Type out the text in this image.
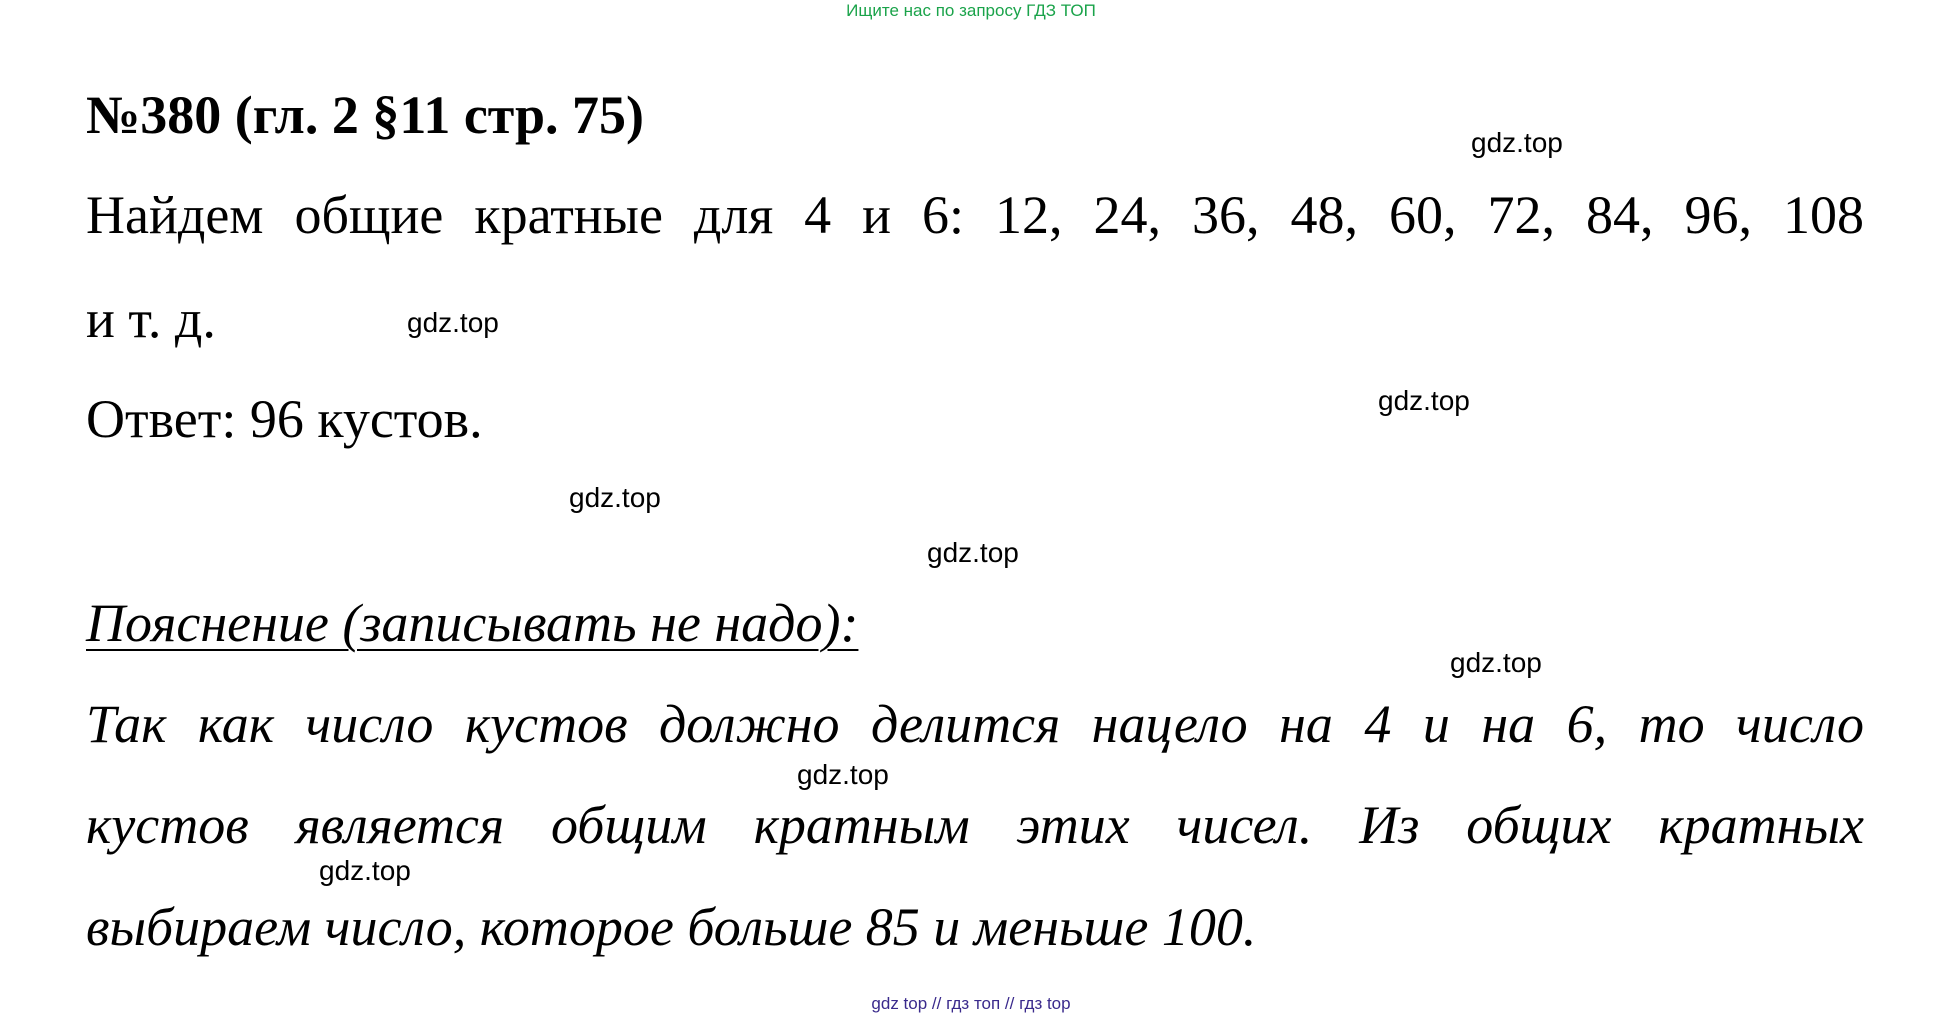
Ищите нас по запросу ГДЗ ТОП
№380 (гл. 2 §11 стр. 75)
Найдем общие кратные для 4 и 6: 12, 24, 36, 48, 60, 72, 84, 96, 108
и т. д.
Ответ: 96 кустов.
Пояснение (записывать не надо):
Так как число кустов должно делится нацело на 4 и на 6, то число
кустов является общим кратным этих чисел. Из общих кратных
выбираем число, которое больше 85 и меньше 100.
gdz.top
gdz.top
gdz.top
gdz.top
gdz.top
gdz.top
gdz.top
gdz.top
gdz top // гдз топ // гдз top
